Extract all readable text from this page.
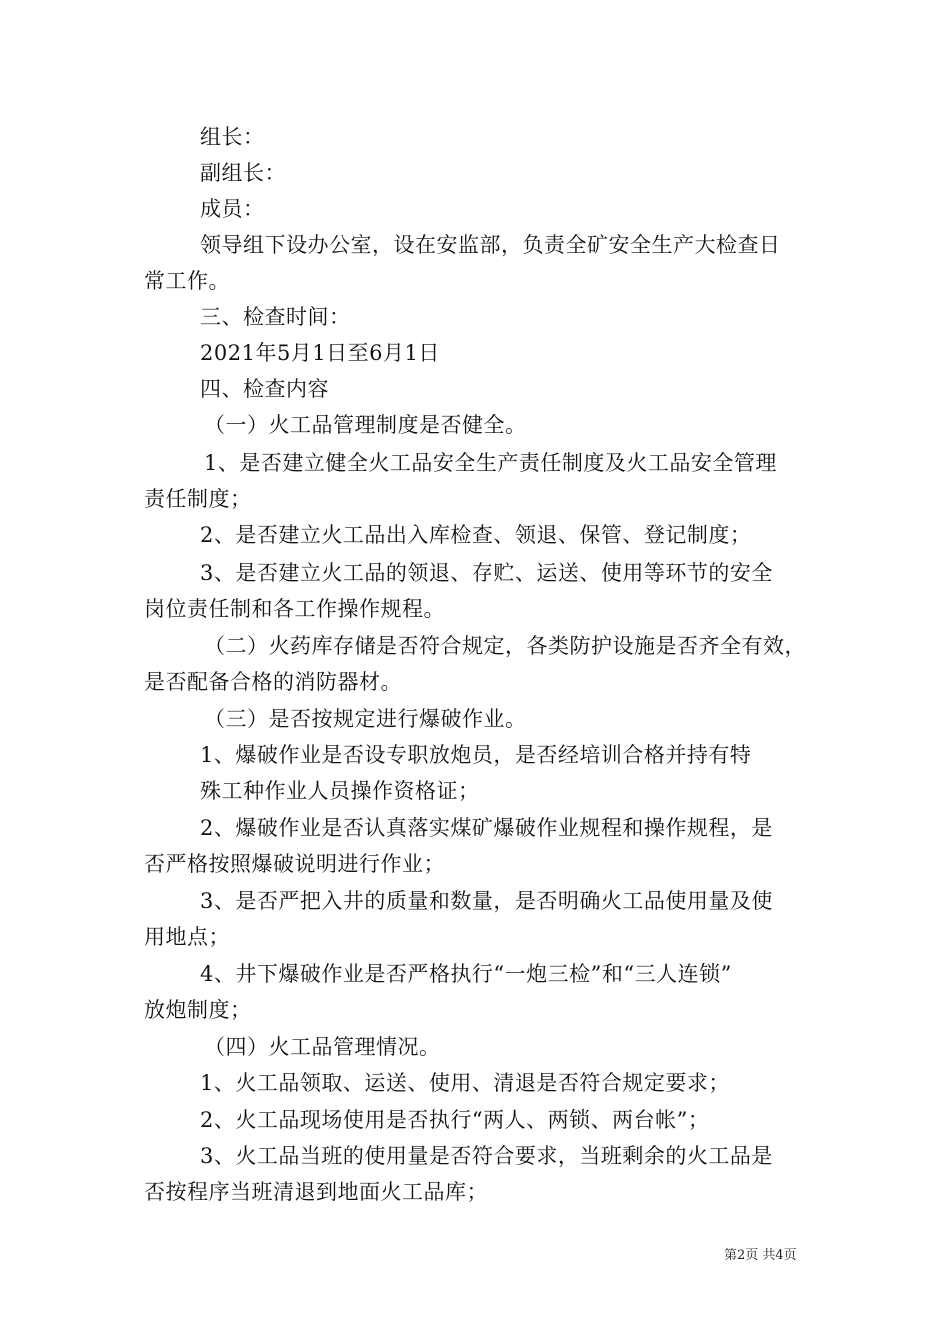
组长：
副组长：
成员：
领导组下设办公室，设在安监部，负责全矿安全生产大检查日
常工作。
三、检查时间：
2021年5月1日至6月1日
四、检查内容
（一）火工品管理制度是否健全。
1、是否建立健全火工品安全生产责任制度及火工品安全管理
责任制度；
2、是否建立火工品出入库检查、领退、保管、登记制度；
3、是否建立火工品的领退、存贮、运送、使用等环节的安全
岗位责任制和各工作操作规程。
（二）火药库存储是否符合规定，各类防护设施是否齐全有效，
是否配备合格的消防器材。
（三）是否按规定进行爆破作业。
1、爆破作业是否设专职放炮员，是否经培训合格并持有特
殊工种作业人员操作资格证；
2、爆破作业是否认真落实煤矿爆破作业规程和操作规程，是
否严格按照爆破说明进行作业；
3、是否严把入井的质量和数量，是否明确火工品使用量及使
用地点；
4、井下爆破作业是否严格执行“一炮三检”和“三人连锁”
放炮制度；
（四）火工品管理情况。
1、火工品领取、运送、使用、清退是否符合规定要求；
2、火工品现场使用是否执行“两人、两锁、两台帐”；
3、火工品当班的使用量是否符合要求，当班剩余的火工品是
否按程序当班清退到地面火工品库；
第2页 共4页
